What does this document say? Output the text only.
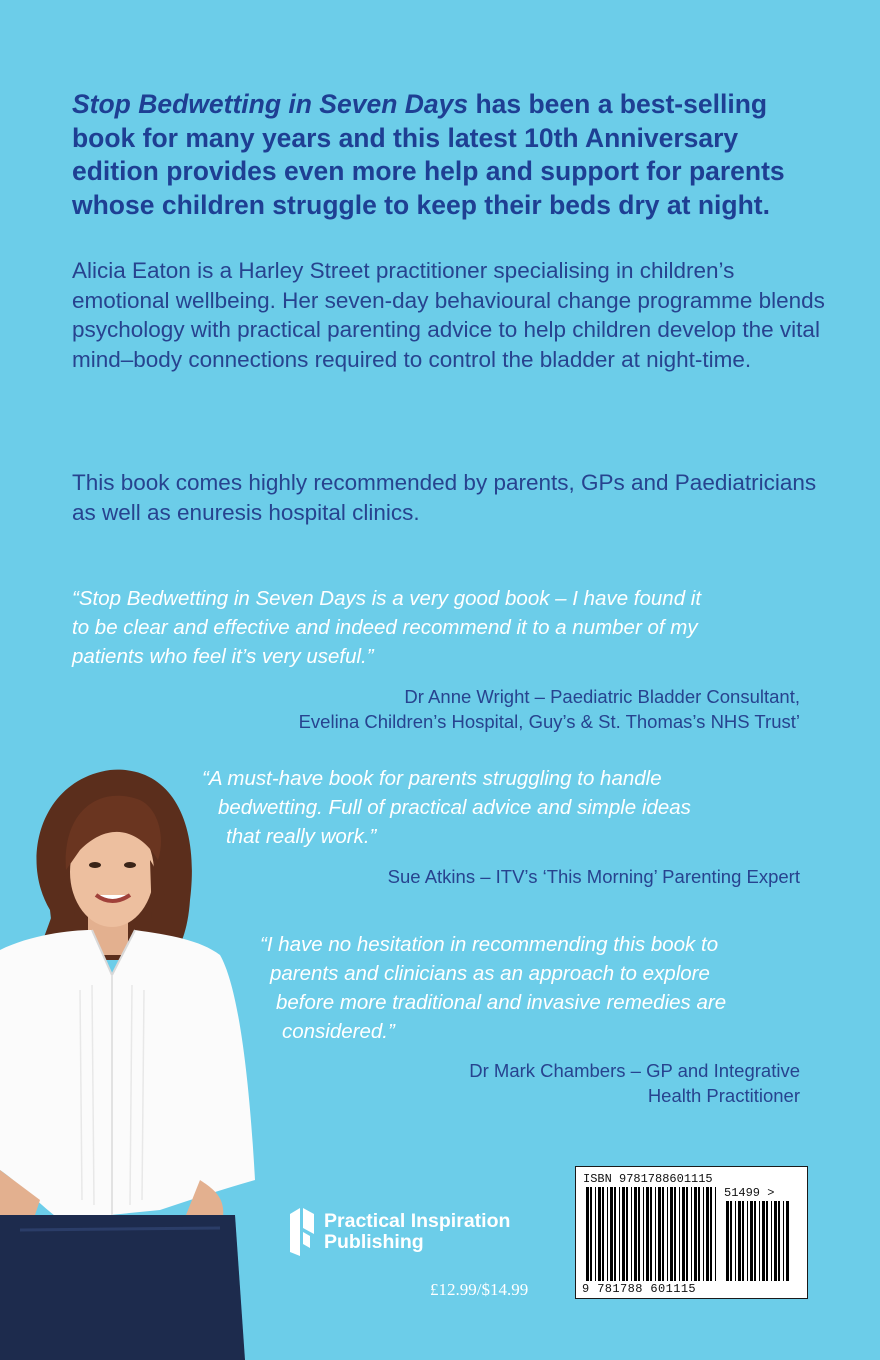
Stop Bedwetting in Seven Days has been a best-selling book for many years and this latest 10th Anniversary edition provides even more help and support for parents whose children struggle to keep their beds dry at night.
Alicia Eaton is a Harley Street practitioner specialising in children’s emotional wellbeing. Her seven-day behavioural change programme blends psychology with practical parenting advice to help children develop the vital mind–body connections required to control the bladder at night-time.
This book comes highly recommended by parents, GPs and Paediatricians as well as enuresis hospital clinics.
“Stop Bedwetting in Seven Days is a very good book – I have found it
to be clear and effective and indeed recommend it to a number of my
patients who feel it’s very useful.”
Dr Anne Wright – Paediatric Bladder Consultant,
Evelina Children’s Hospital, Guy’s & St. Thomas’s NHS Trust’
“A must-have book for parents struggling to handle
bedwetting. Full of practical advice and simple ideas
that really work.”
Sue Atkins – ITV’s ‘This Morning’ Parenting Expert
“I have no hesitation in recommending this book to
parents and clinicians as an approach to explore
before more traditional and invasive remedies are
considered.”
Dr Mark Chambers – GP and Integrative
Health Practitioner
Practical Inspiration
Publishing
£12.99/$14.99
ISBN 9781788601115
51499 >
9 781788 601115
